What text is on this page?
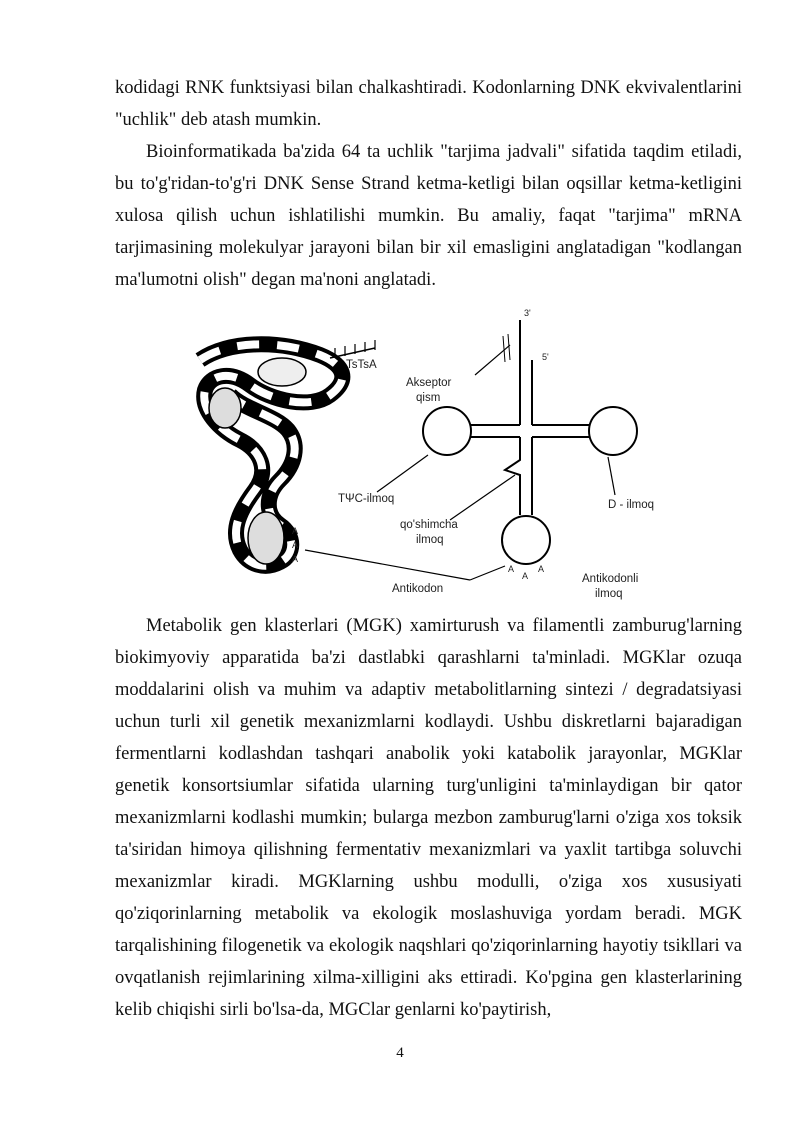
kodidagi RNK funktsiyasi bilan chalkashtiradi. Kodonlarning DNK ekvivalentlarini "uchlik" deb atash mumkin.

Bioinformatikada ba'zida 64 ta uchlik "tarjima jadvali" sifatida taqdim etiladi, bu to'g'ridan-to'g'ri DNK Sense Strand ketma-ketligi bilan oqsillar ketma-ketligini xulosa qilish uchun ishlatilishi mumkin. Bu amaliy, faqat "tarjima" mRNA tarjimasining molekulyar jarayoni bilan bir xil emasligini anglatadigan "kodlangan ma'lumotni olish" degan ma'noni anglatadi.

TsTsA
A
A
A
3'
5'
Akseptor
qism
TΨC-ilmoq	D - ilmoq
qo'shimcha
ilmoq
Antikodon
A
A
A
Antikodonli
ilmoq

Metabolik gen klasterlari (MGK) xamirturush va filamentli zamburug'larning biokimyoviy apparatida ba'zi dastlabki qarashlarni ta'minladi. MGKlar ozuqa moddalarini olish va muhim va adaptiv metabolitlarning sintezi / degradatsiyasi uchun turli xil genetik mexanizmlarni kodlaydi. Ushbu diskretlarni bajaradigan fermentlarni kodlashdan tashqari anabolik yoki katabolik jarayonlar, MGKlar genetik konsortsiumlar sifatida ularning turg'unligini ta'minlaydigan bir qator mexanizmlarni kodlashi mumkin; bularga mezbon zamburug'larni o'ziga xos toksik ta'siridan himoya qilishning fermentativ mexanizmlari va yaxlit tartibga soluvchi mexanizmlar kiradi. MGKlarning ushbu modulli, o'ziga xos xususiyati qo'ziqorinlarning metabolik va ekologik moslashuviga yordam beradi. MGK tarqalishining filogenetik va ekologik naqshlari qo'ziqorinlarning hayotiy tsikllari va ovqatlanish rejimlarining xilma-xilligini aks ettiradi. Ko'pgina gen klasterlarining kelib chiqishi sirli bo'lsa-da, MGClar genlarni ko'paytirish,

4
